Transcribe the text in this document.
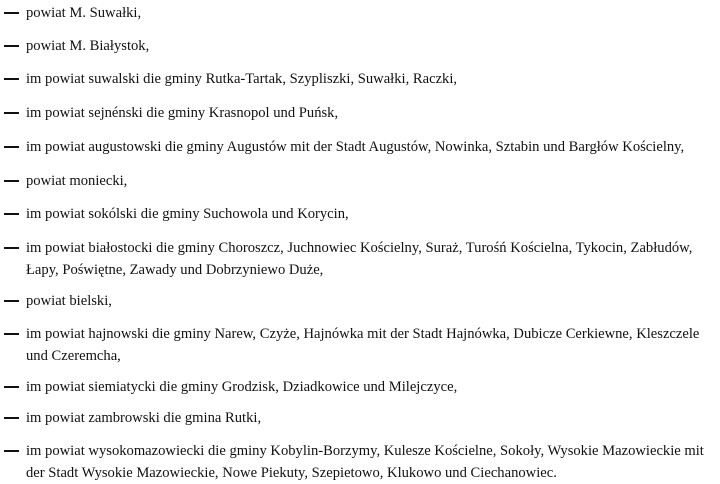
powiat M. Suwałki,
powiat M. Białystok,
im powiat suwalski die gminy Rutka-Tartak, Szypliszki, Suwałki, Raczki,
im powiat sejnénski die gminy Krasnopol und Puńsk,
im powiat augustowski die gminy Augustów mit der Stadt Augustów, Nowinka, Sztabin und Bargłów Kościelny,
powiat moniecki,
im powiat sokólski die gminy Suchowola und Korycin,
im powiat białostocki die gminy Choroszcz, Juchnowiec Kościelny, Suraż, Turośń Kościelna, Tykocin, Zabłudów,
Łapy, Poświętne, Zawady und Dobrzyniewo Duże,
powiat bielski,
im powiat hajnowski die gminy Narew, Czyże, Hajnówka mit der Stadt Hajnówka, Dubicze Cerkiewne, Kleszczele
und Czeremcha,
im powiat siemiatycki die gminy Grodzisk, Dziadkowice und Milejczyce,
im powiat zambrowski die gmina Rutki,
im powiat wysokomazowiecki die gminy Kobylin-Borzymy, Kulesze Kościelne, Sokoły, Wysokie Mazowieckie mit
der Stadt Wysokie Mazowieckie, Nowe Piekuty, Szepietowo, Klukowo und Ciechanowiec.
